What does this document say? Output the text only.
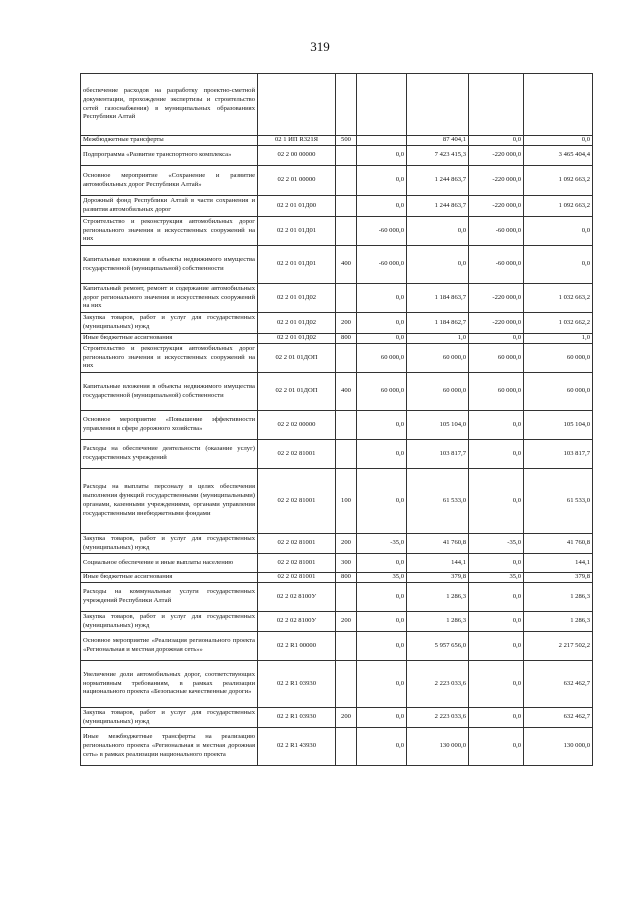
319
обеспечение расходов на разработку проектно-сметной документации, прохождение экспертизы и строительство сетей газоснабжения) в муниципальных образованиях Республики Алтай						
Межбюджетные трансферты	02 1 ИП R321Я	500		87 404,1	0,0	0,0
Подпрограмма «Развитие транспортного комплекса»	02 2 00 00000		0,0	7 423 415,3	-220 000,0	3 465 404,4
Основное мероприятие «Сохранение и развитие автомобильных дорог Республики Алтай»	02 2 01 00000		0,0	1 244 863,7	-220 000,0	1 092 663,2
Дорожный фонд Республики Алтай в части сохранения и развития автомобильных дорог	02 2 01 01Д00		0,0	1 244 863,7	-220 000,0	1 092 663,2
Строительство и реконструкция автомобильных дорог регионального значения и искусственных сооружений на них	02 2 01 01Д01		-60 000,0	0,0	-60 000,0	0,0
Капитальные вложения в объекты недвижимого имущества государственной (муниципальной) собственности	02 2 01 01Д01	400	-60 000,0	0,0	-60 000,0	0,0
Капитальный ремонт, ремонт и содержание автомобильных дорог регионального значения и искусственных сооружений на них	02 2 01 01Д02		0,0	1 184 863,7	-220 000,0	1 032 663,2
Закупка товаров, работ и услуг для государственных (муниципальных) нужд	02 2 01 01Д02	200	0,0	1 184 862,7	-220 000,0	1 032 662,2
Иные бюджетные ассигнования	02 2 01 01Д02	800	0,0	1,0	0,0	1,0
Строительство и реконструкция автомобильных дорог регионального значения и искусственных сооружений на них	02 2 01 01ДОП		60 000,0	60 000,0	60 000,0	60 000,0
Капитальные вложения в объекты недвижимого имущества государственной (муниципальной) собственности	02 2 01 01ДОП	400	60 000,0	60 000,0	60 000,0	60 000,0
Основное мероприятие «Повышение эффективности управления в сфере дорожного хозяйства»	02 2 02 00000		0,0	105 104,0	0,0	105 104,0
Расходы на обеспечение деятельности (оказание услуг) государственных учреждений	02 2 02 81001		0,0	103 817,7	0,0	103 817,7
Расходы на выплаты персоналу в целях обеспечения выполнения функций государственными (муниципальными) органами, казенными учреждениями, органами управления государственными внебюджетными фондами	02 2 02 81001	100	0,0	61 533,0	0,0	61 533,0
Закупка товаров, работ и услуг для государственных (муниципальных) нужд	02 2 02 81001	200	-35,0	41 760,8	-35,0	41 760,8
Социальное обеспечение и иные выплаты населению	02 2 02 81001	300	0,0	144,1	0,0	144,1
Иные бюджетные ассигнования	02 2 02 81001	800	35,0	379,8	35,0	379,8
Расходы на коммунальные услуги государственных учреждений Республики Алтай	02 2 02 8100У		0,0	1 286,3	0,0	1 286,3
Закупка товаров, работ и услуг для государственных (муниципальных) нужд	02 2 02 8100У	200	0,0	1 286,3	0,0	1 286,3
Основное мероприятие «Реализация регионального проекта «Региональная и местная дорожная сеть»»	02 2 R1 00000		0,0	5 957 656,0	0,0	2 217 502,2
Увеличение доли автомобильных дорог, соответствующих нормативным требованиям, в рамках реализации национального проекта «Безопасные качественные дороги»	02 2 R1 03930		0,0	2 223 033,6	0,0	632 462,7
Закупка товаров, работ и услуг для государственных (муниципальных) нужд	02 2 R1 03930	200	0,0	2 223 033,6	0,0	632 462,7
Иные межбюджетные трансферты на реализацию регионального проекта «Региональная и местная дорожная сеть» в рамках реализации национального проекта	02 2 R1 43930		0,0	130 000,0	0,0	130 000,0
